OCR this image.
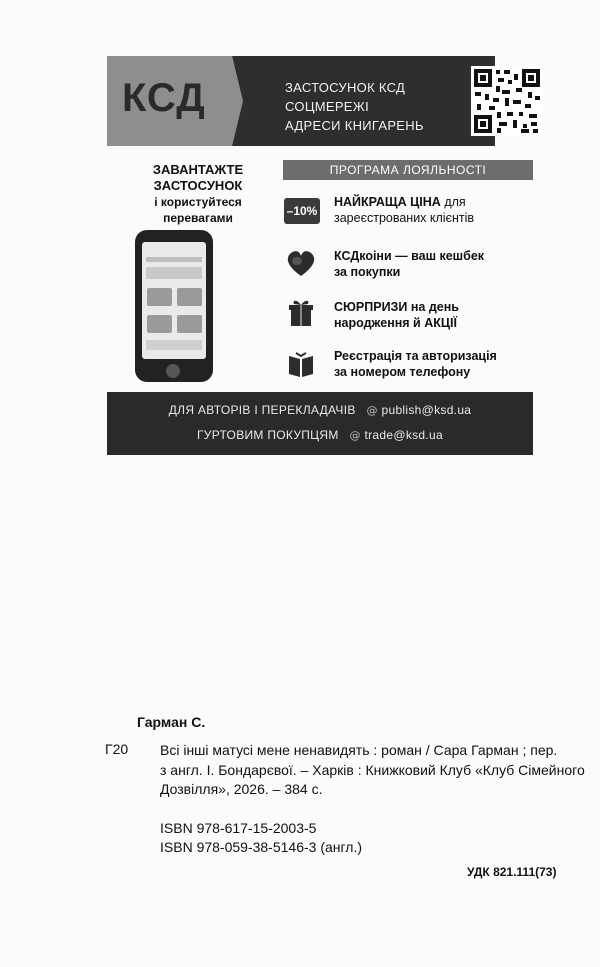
КСД	ЗАСТОСУНОК КСД
СОЦМЕРЕЖІ
АДРЕСИ КНИГАРЕНЬ
ЗАВАНТАЖТЕ
ЗАСТОСУНОК
і користуйтеся
перевагами
ПРОГРАМА ЛОЯЛЬНОСТІ
–10%
НАЙКРАЩА ЦІНА для
зареєстрованих клієнтів
КСДкоіни — ваш кешбек
за покупки
СЮРПРИЗИ на день
народження й АКЦІЇ
Реєстрація та авторизація
за номером телефону
ДЛЯ АВТОРІВ І ПЕРЕКЛАДАЧІВ @ publish@ksd.ua
ГУРТОВИМ ПОКУПЦЯМ @ trade@ksd.ua
Гарман С.
Г20 Всі інші матусі мене ненавидять : роман / Сара Гарман ; пер.
з англ. І. Бондарєвої. – Харків : Книжковий Клуб «Клуб Сімейного
Дозвілля», 2026. – 384 с.
ISBN 978-617-15-2003-5
ISBN 978-059-38-5146-3 (англ.)
УДК 821.111(73)
